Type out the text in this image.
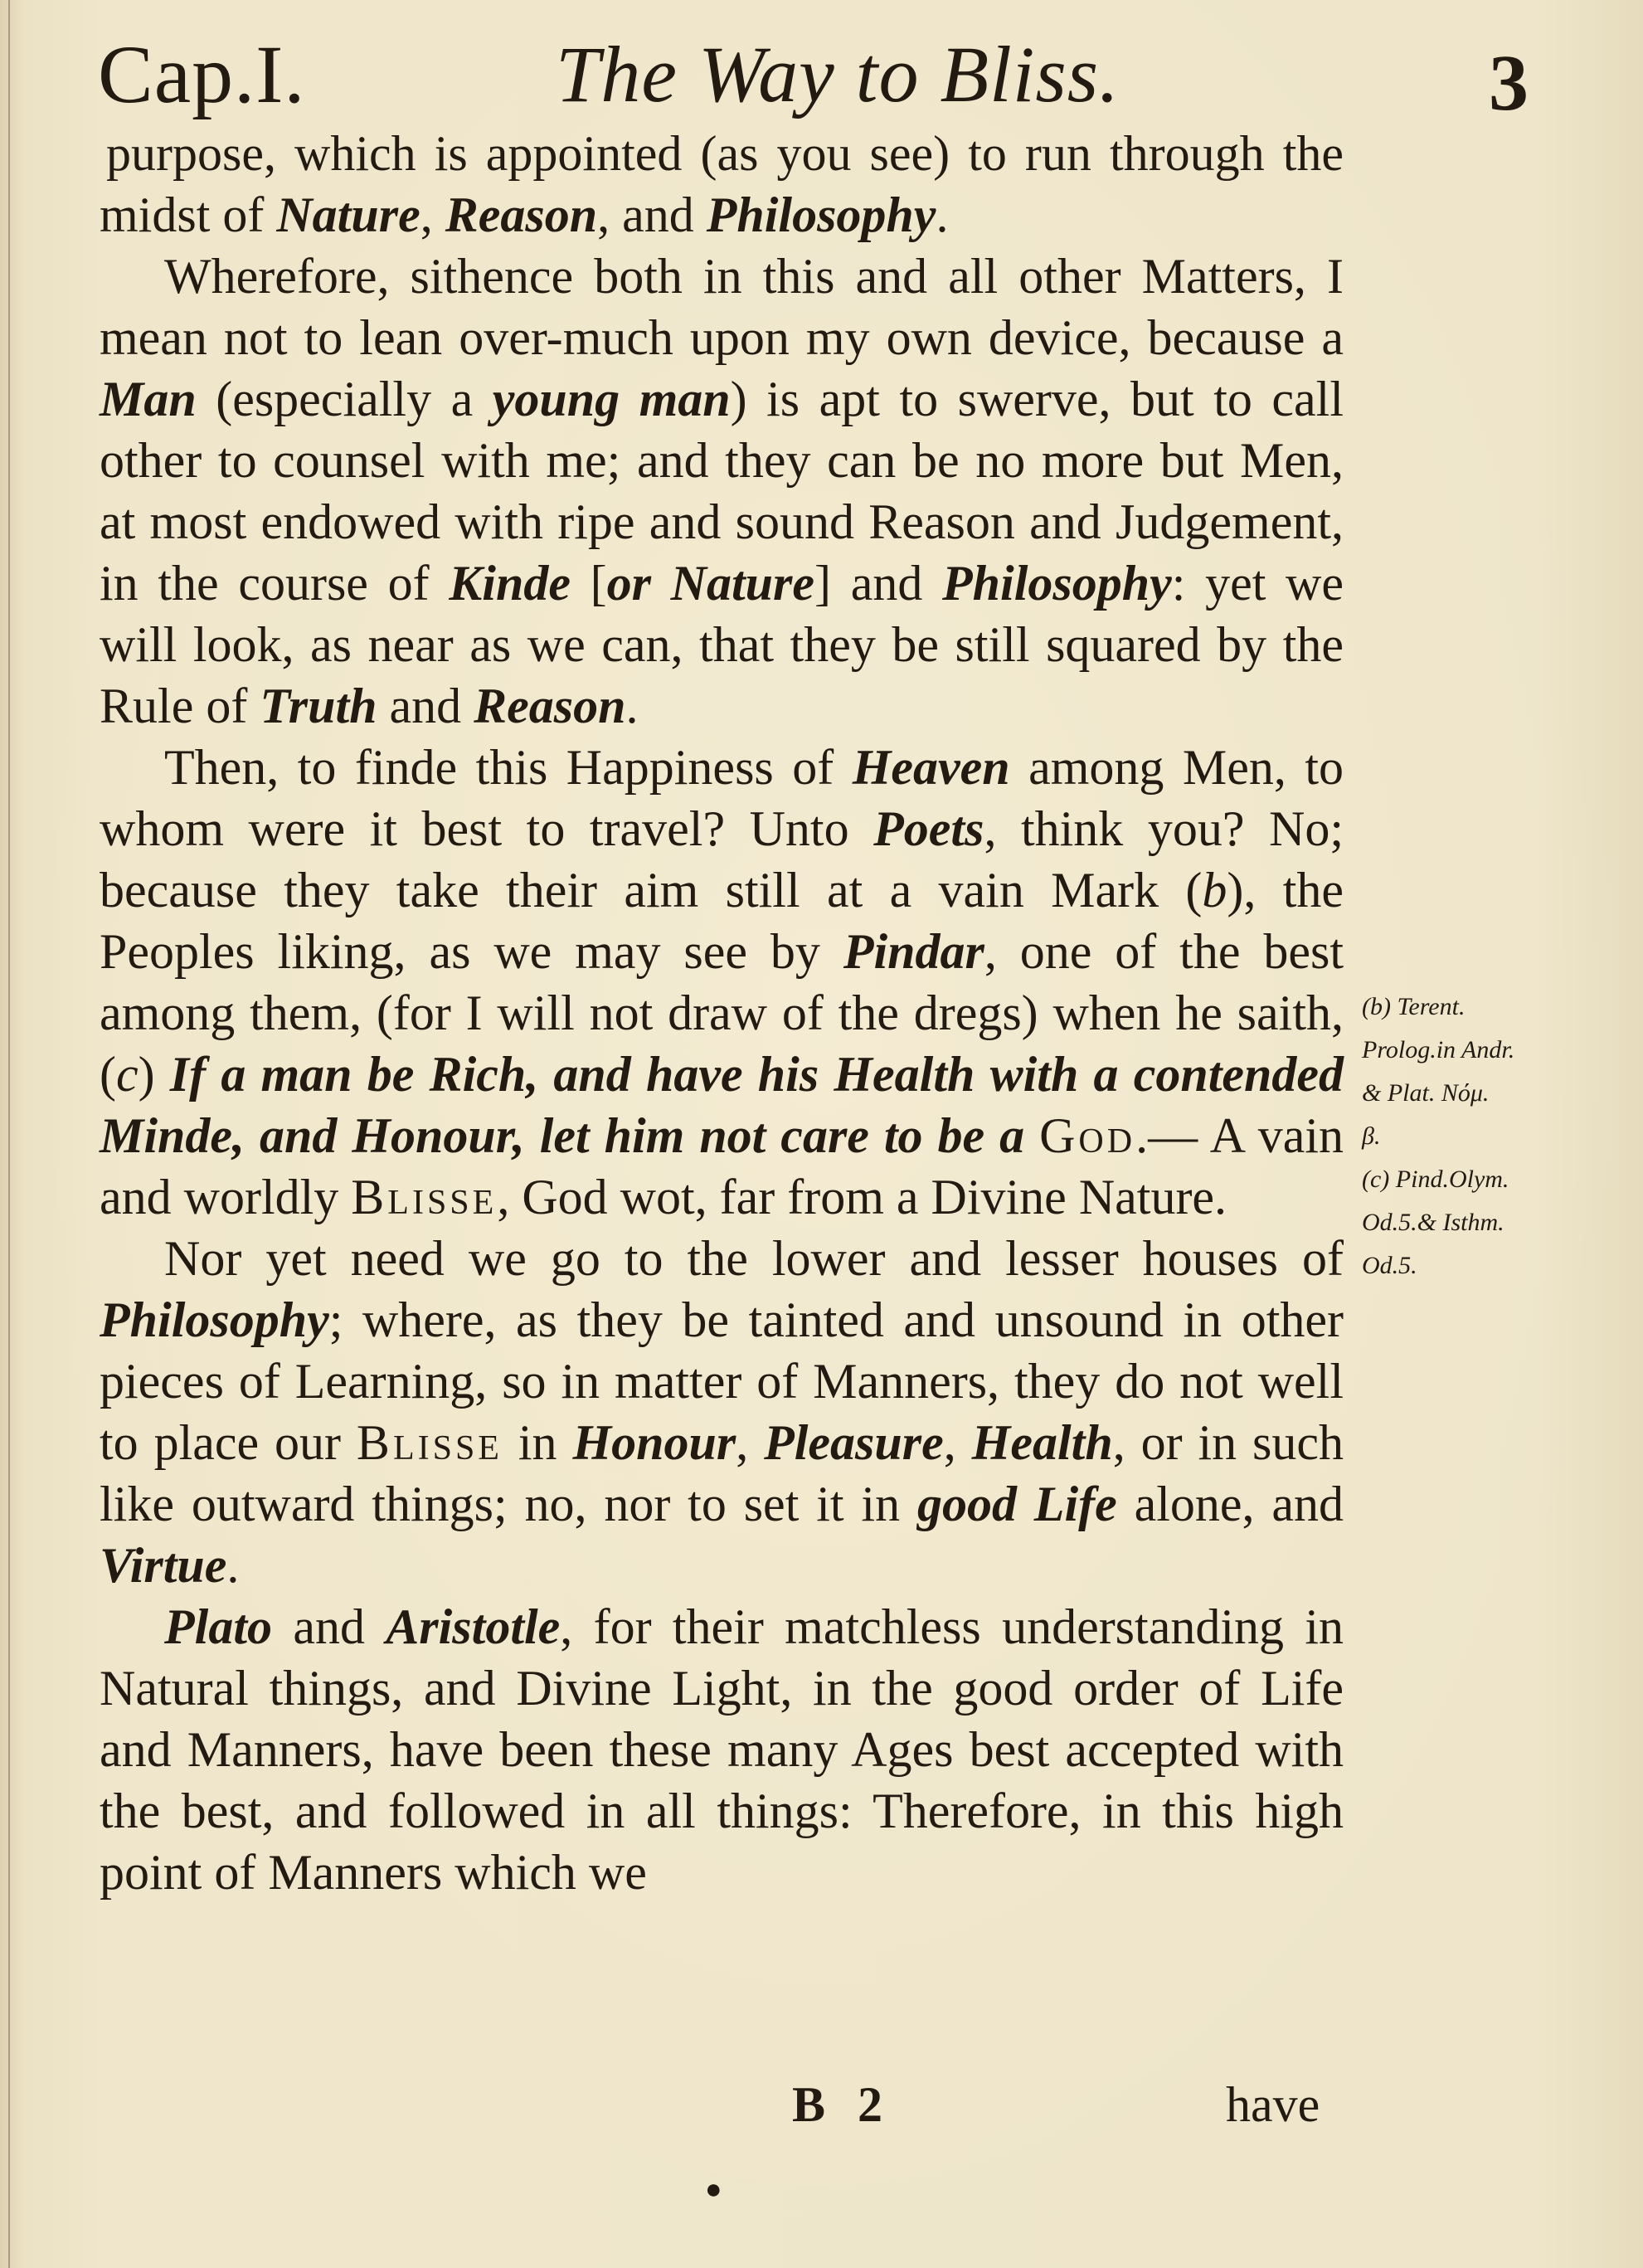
Cap.I.	The Way to Bliss.	3

purpose, which is appointed (as you see) to run through the midst of Nature, Reason, and Philosophy.

Wherefore, sithence both in this and all other Matters, I mean not to lean over-much upon my own device, because a Man (especially a young man) is apt to swerve, but to call other to counsel with me; and they can be no more but Men, at most endowed with ripe and sound Reason and Judgement, in the course of Kinde [or Nature] and Philosophy: yet we will look, as near as we can, that they be still squared by the Rule of Truth and Reason.

Then, to finde this Happiness of Heaven among Men, to whom were it best to travel? Unto Poets, think you? No; because they take their aim still at a vain Mark (b), the Peoples liking, as we may see by Pindar, one of the best among them, (for I will not draw of the dregs) when he saith, (c) If a man be Rich, and have his Health with a contended Minde, and Honour, let him not care to be a God.— A vain and worldly Blisse, God wot, far from a Divine Nature.

Nor yet need we go to the lower and lesser houses of Philosophy; where, as they be tainted and unsound in other pieces of Learning, so in matter of Manners, they do not well to place our Blisse in Honour, Pleasure, Health, or in such like outward things; no, nor to set it in good Life alone, and Virtue.

Plato and Aristotle, for their matchless understanding in Natural things, and Divine Light, in the good order of Life and Manners, have been these many Ages best accepted with the best, and followed in all things: Therefore, in this high point of Manners which we

(b) Terent.
Prolog.in Andr.
& Plat. Νόμ.
β.
(c) Pind.Olym.
Od.5.& Isthm.
Od.5.
B 2	have
●
